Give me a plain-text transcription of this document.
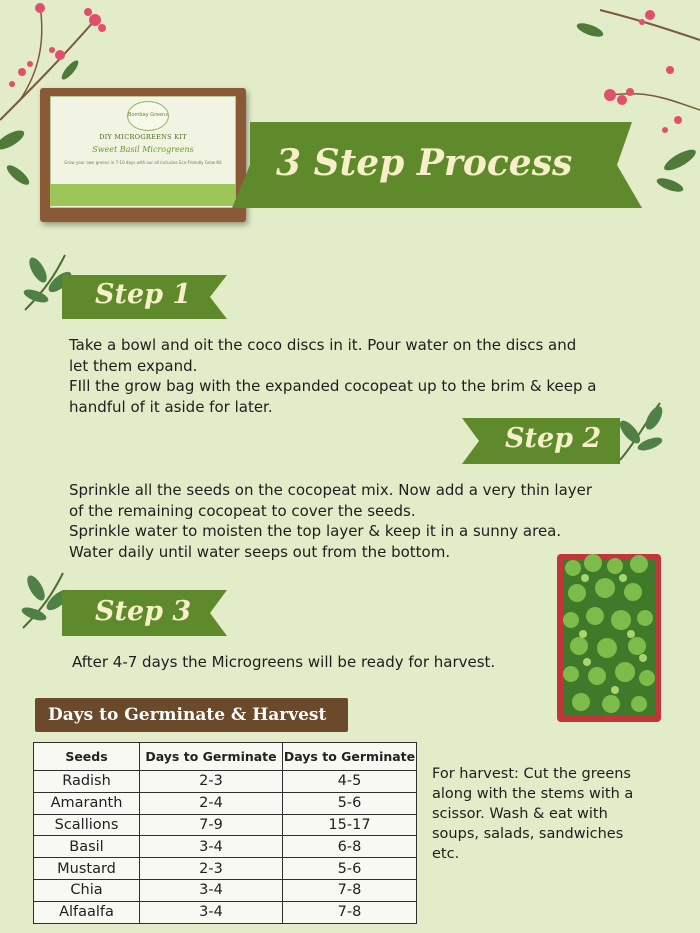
Bombay Greens
DIY MICROGREENS KIT
Sweet Basil Microgreens
Grow your own greens in 7-10 days with our all inclusive Eco-Friendly Grow Kit 3 Step Process
Step 1
Take a bowl and oit the coco discs in it. Pour water on the discs and
let them expand.
FIll the grow bag with the expanded cocopeat up to the brim & keep a
handful of it aside for later.
Step 2
Sprinkle all the seeds on the cocopeat mix. Now add a very thin layer
of the remaining cocopeat to cover the seeds.
Sprinkle water to moisten the top layer & keep it in a sunny area.
Water daily until water seeps out from the bottom.
Step 3
After 4-7 days the Microgreens will be ready for harvest.
Days to Germinate & Harvest
Seeds	Days to Germinate	Days to Germinate
Radish	2-3	4-5
Amaranth	2-4	5-6
Scallions	7-9	15-17
Basil	3-4	6-8
Mustard	2-3	5-6
Chia	3-4	7-8
Alfaalfa	3-4	7-8
For harvest: Cut the greens
along with the stems with a
scissor. Wash & eat with
soups, salads, sandwiches
etc.
